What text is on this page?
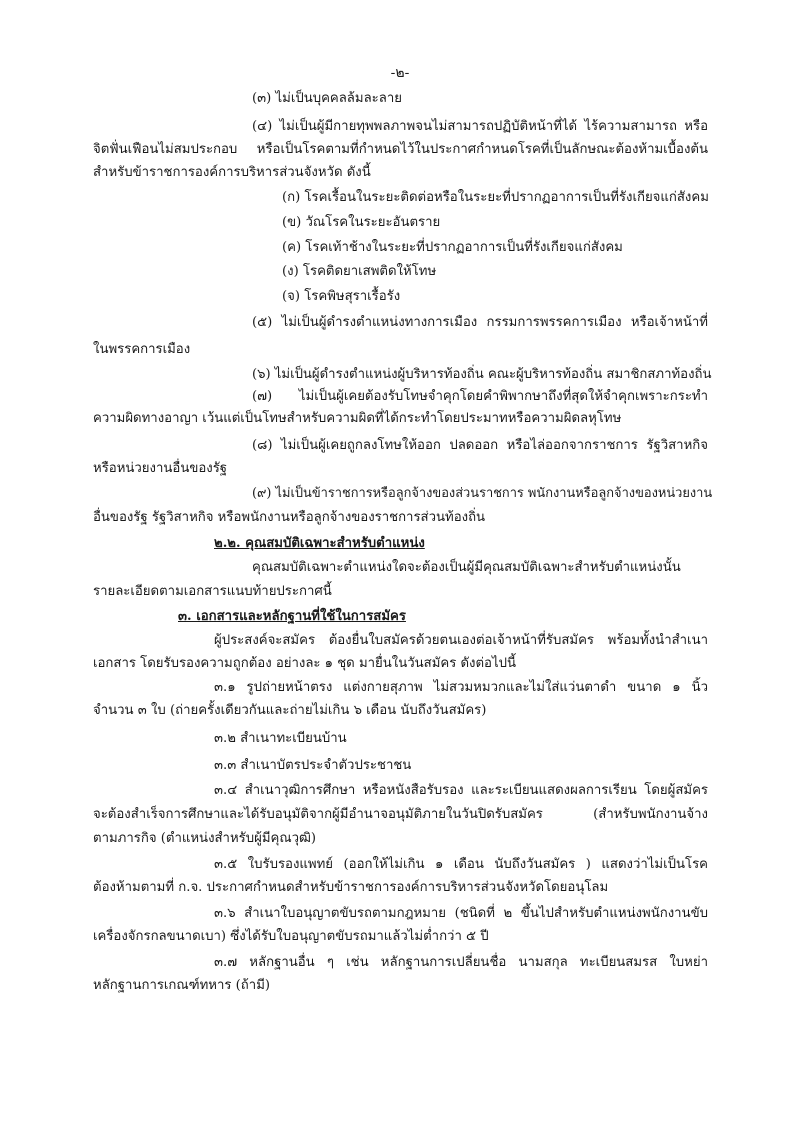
-๒-
(๓) ไม่เป็นบุคคลล้มละลาย
(๔) ไม่เป็นผู้มีกายทุพพลภาพจนไม่สามารถปฏิบัติหน้าที่ได้ ไร้ความสามารถ หรือ
จิตฟั่นเฟือนไม่สมประกอบ หรือเป็นโรคตามที่กำหนดไว้ในประกาศกำหนดโรคที่เป็นลักษณะต้องห้ามเบื้องต้น
สำหรับข้าราชการองค์การบริหารส่วนจังหวัด ดังนี้
(ก) โรคเรื้อนในระยะติดต่อหรือในระยะที่ปรากฏอาการเป็นที่รังเกียจแก่สังคม
(ข) วัณโรคในระยะอันตราย
(ค) โรคเท้าช้างในระยะที่ปรากฏอาการเป็นที่รังเกียจแก่สังคม
(ง) โรคติดยาเสพติดให้โทษ
(จ) โรคพิษสุราเรื้อรัง
(๕) ไม่เป็นผู้ดำรงตำแหน่งทางการเมือง กรรมการพรรคการเมือง หรือเจ้าหน้าที่
ในพรรคการเมือง
(๖) ไม่เป็นผู้ดำรงตำแหน่งผู้บริหารท้องถิ่น คณะผู้บริหารท้องถิ่น สมาชิกสภาท้องถิ่น
(๗) ไม่เป็นผู้เคยต้องรับโทษจำคุกโดยคำพิพากษาถึงที่สุดให้จำคุกเพราะกระทำ
ความผิดทางอาญา เว้นแต่เป็นโทษสำหรับความผิดที่ได้กระทำโดยประมาทหรือความผิดลหุโทษ
(๘) ไม่เป็นผู้เคยถูกลงโทษให้ออก ปลดออก หรือไล่ออกจากราชการ รัฐวิสาหกิจ
หรือหน่วยงานอื่นของรัฐ
(๙) ไม่เป็นข้าราชการหรือลูกจ้างของส่วนราชการ พนักงานหรือลูกจ้างของหน่วยงาน
อื่นของรัฐ รัฐวิสาหกิจ หรือพนักงานหรือลูกจ้างของราชการส่วนท้องถิ่น
๒.๒. คุณสมบัติเฉพาะสำหรับตำแหน่ง
คุณสมบัติเฉพาะตำแหน่งใดจะต้องเป็นผู้มีคุณสมบัติเฉพาะสำหรับตำแหน่งนั้น
รายละเอียดตามเอกสารแนบท้ายประกาศนี้
๓. เอกสารและหลักฐานที่ใช้ในการสมัคร
ผู้ประสงค์จะสมัคร ต้องยื่นใบสมัครด้วยตนเองต่อเจ้าหน้าที่รับสมัคร พร้อมทั้งนำสำเนา
เอกสาร โดยรับรองความถูกต้อง อย่างละ ๑ ชุด มายื่นในวันสมัคร ดังต่อไปนี้
๓.๑ รูปถ่ายหน้าตรง แต่งกายสุภาพ ไม่สวมหมวกและไม่ใส่แว่นตาดำ ขนาด ๑ นิ้ว
จำนวน ๓ ใบ (ถ่ายครั้งเดียวกันและถ่ายไม่เกิน ๖ เดือน นับถึงวันสมัคร)
๓.๒ สำเนาทะเบียนบ้าน
๓.๓ สำเนาบัตรประจำตัวประชาชน
๓.๔ สำเนาวุฒิการศึกษา หรือหนังสือรับรอง และระเบียนแสดงผลการเรียน โดยผู้สมัคร
จะต้องสำเร็จการศึกษาและได้รับอนุมัติจากผู้มีอำนาจอนุมัติภายในวันปิดรับสมัคร (สำหรับพนักงานจ้าง
ตามภารกิจ (ตำแหน่งสำหรับผู้มีคุณวุฒิ)
๓.๕ ใบรับรองแพทย์ (ออกให้ไม่เกิน ๑ เดือน นับถึงวันสมัคร ) แสดงว่าไม่เป็นโรค
ต้องห้ามตามที่ ก.จ. ประกาศกำหนดสำหรับข้าราชการองค์การบริหารส่วนจังหวัดโดยอนุโลม
๓.๖ สำเนาใบอนุญาตขับรถตามกฎหมาย (ชนิดที่ ๒ ขึ้นไปสำหรับตำแหน่งพนักงานขับ
เครื่องจักรกลขนาดเบา) ซึ่งได้รับใบอนุญาตขับรถมาแล้วไม่ต่ำกว่า ๕ ปี
๓.๗ หลักฐานอื่น ๆ เช่น หลักฐานการเปลี่ยนชื่อ นามสกุล ทะเบียนสมรส ใบหย่า
หลักฐานการเกณฑ์ทหาร (ถ้ามี)
